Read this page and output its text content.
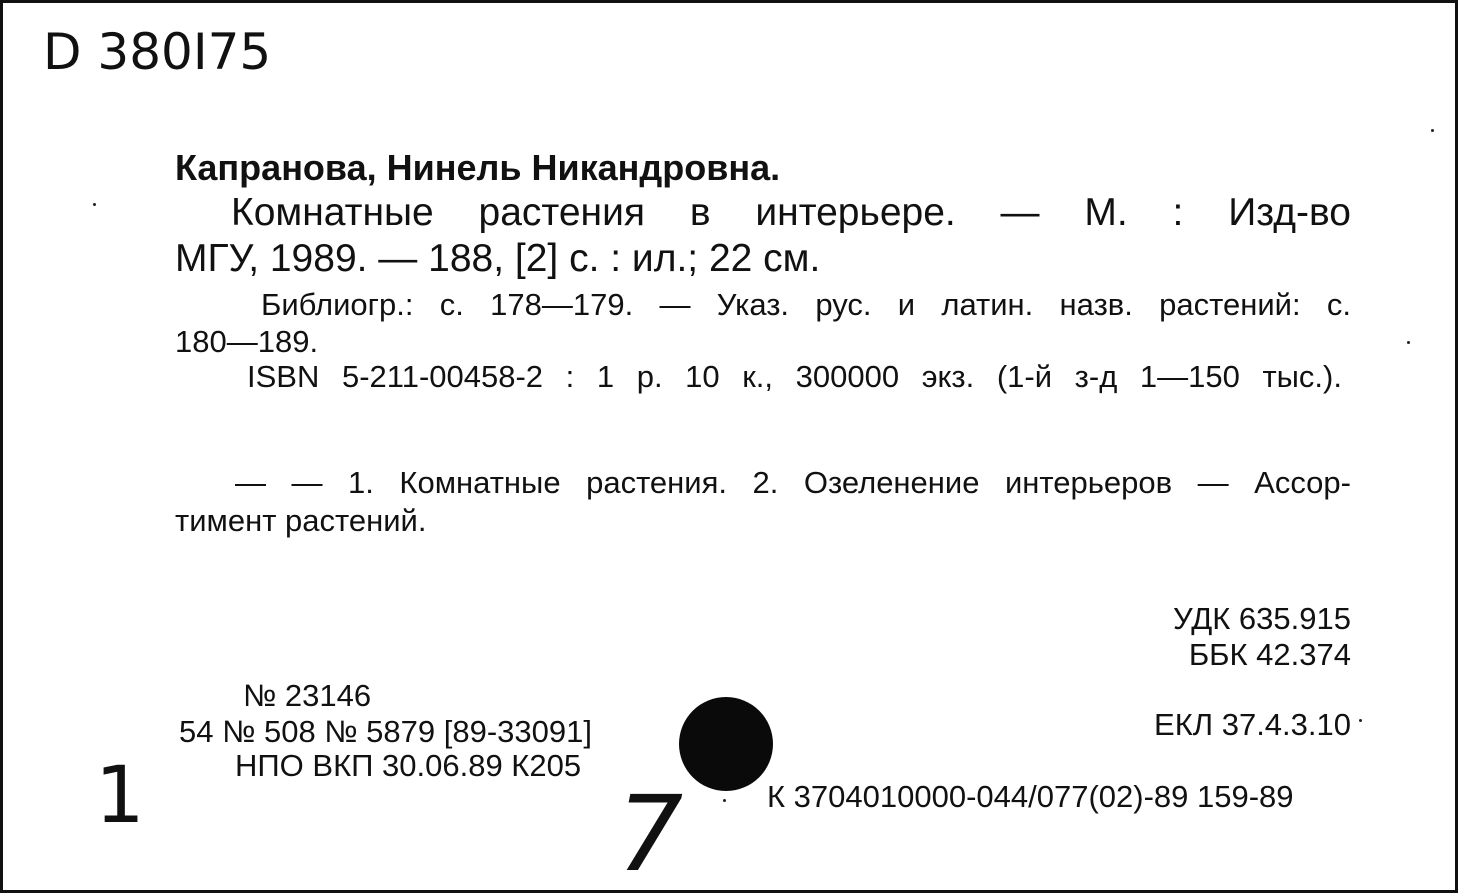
D 380I75
Капранова, Нинель Никандровна.
Комнатные растения в интерьере. — М. : Изд-во
МГУ, 1989. — 188, [2] с. : ил.; 22 см.
Библиогр.: с. 178—179. — Указ. рус. и латин. назв. растений: с.
180—189.
ISBN 5-211-00458-2 : 1 р. 10 к., 300000 экз. (1-й з-д 1—150 тыс.).
— — 1. Комнатные растения. 2. Озеленение интерьеров — Ассор-
тимент растений.
УДК 635.915
ББК 42.374
ЕКЛ 37.4.3.10
№ 23146
54 № 508 № 5879 [89-33091]
НПО ВКП 30.06.89 К205
К 3704010000-044/077(02)-89 159-89
1	7
